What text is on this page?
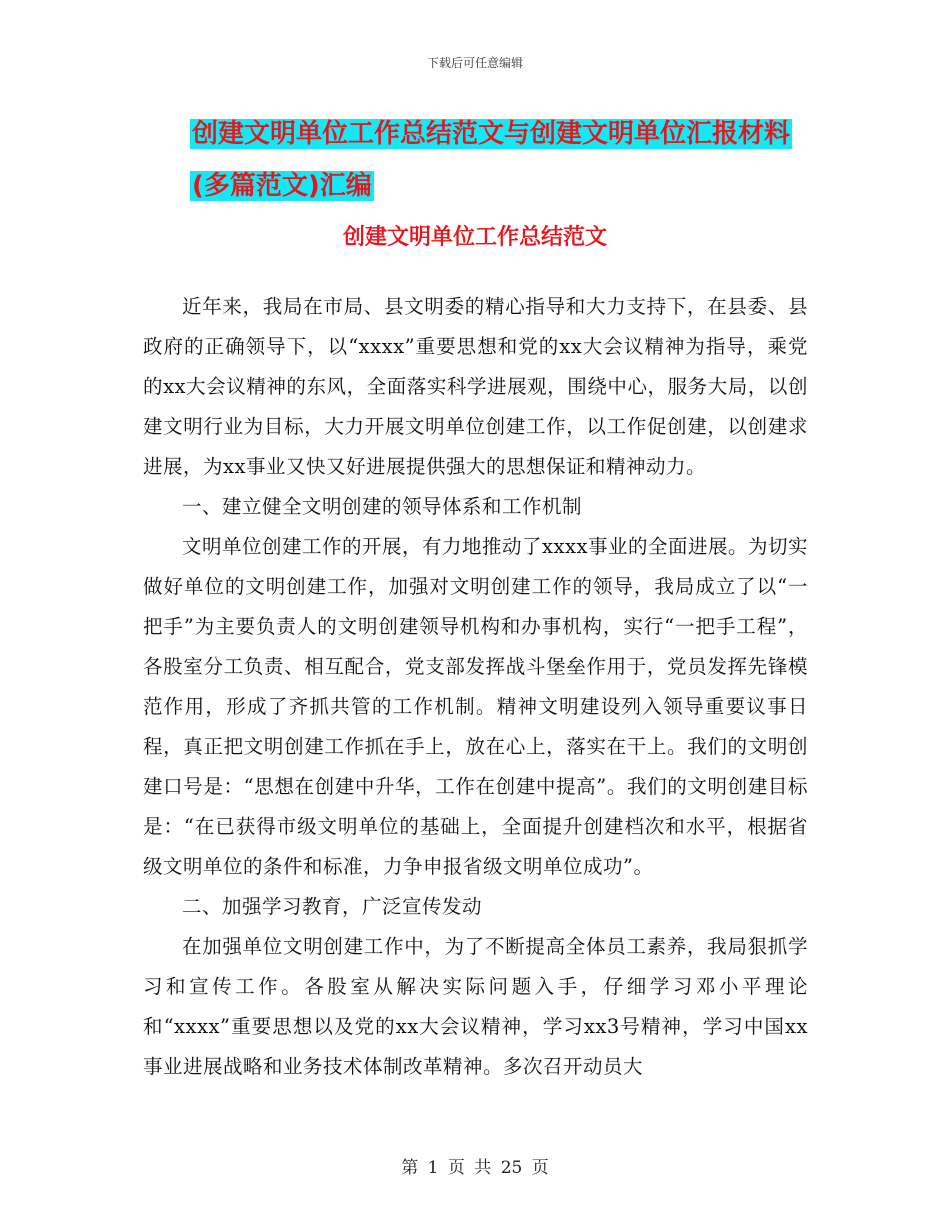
下载后可任意编辑
创建文明单位工作总结范文与创建文明单位汇报材料
(多篇范文)汇编
创建文明单位工作总结范文

近年来，我局在市局、县文明委的精心指导和大力支持下，在县委、县政府的正确领导下，以“xxxx”重要思想和党的xx大会议精神为指导，乘党的xx大会议精神的东风，全面落实科学进展观，围绕中心，服务大局，以创建文明行业为目标，大力开展文明单位创建工作，以工作促创建，以创建求进展，为xx事业又快又好进展提供强大的思想保证和精神动力。

一、建立健全文明创建的领导体系和工作机制

文明单位创建工作的开展，有力地推动了xxxx事业的全面进展。为切实做好单位的文明创建工作，加强对文明创建工作的领导，我局成立了以“一把手”为主要负责人的文明创建领导机构和办事机构，实行“一把手工程”，各股室分工负责、相互配合，党支部发挥战斗堡垒作用于，党员发挥先锋模范作用，形成了齐抓共管的工作机制。精神文明建设列入领导重要议事日程，真正把文明创建工作抓在手上，放在心上，落实在干上。我们的文明创建口号是：“思想在创建中升华，工作在创建中提高”。我们的文明创建目标是：“在已获得市级文明单位的基础上，全面提升创建档次和水平，根据省级文明单位的条件和标准，力争申报省级文明单位成功”。

二、加强学习教育，广泛宣传发动

在加强单位文明创建工作中，为了不断提高全体员工素养，我局狠抓学习和宣传工作。各股室从解决实际问题入手，仔细学习邓小平理论和“xxxx”重要思想以及党的xx大会议精神，学习xx3号精神，学习中国xx事业进展战略和业务技术体制改革精神。多次召开动员大

第 1 页 共 25 页
